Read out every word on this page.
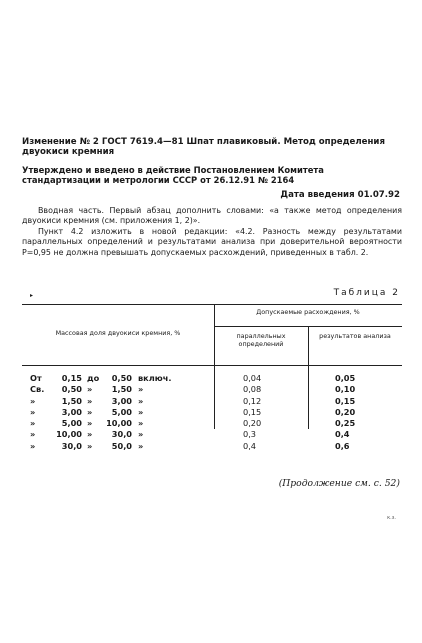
Изменение № 2 ГОСТ 7619.4—81 Шпат плавиковый. Метод определения двуокиси кремния
Утверждено и введено в действие Постановлением Комитета стандартизации и метрологии СССР от 26.12.91 № 2164
Дата введения 01.07.92

Вводная часть. Первый абзац дополнить словами: «а также метод определения двуокиси кремния (см. приложения 1, 2)».

Пункт 4.2 изложить в новой редакции: «4.2. Разность между результатами параллельных определений и результатами анализа при доверительной вероятности P=0,95 не должна превышать допускаемых расхождений, приведенных в табл. 2.

▸	Таблица 2
Массовая доля двуокиси кремния, %
Допускаемые расхождения, %
параллельных определений
результатов анализа
От	0,15 до	0,50 включ.	0,04	0,05
Св.	0,50 »	1,50 »	0,08	0,10
»	1,50 »	3,00 »	0,12	0,15
»	3,00 »	5,00 »	0,15	0,20
»	5,00 »	10,00 »	0,20	0,25
»	10,00 »	30,0 »	0,3	0,4
»	30,0 »	50,0 »	0,4	0,6
(Продолжение см. с. 52)
к.з.
